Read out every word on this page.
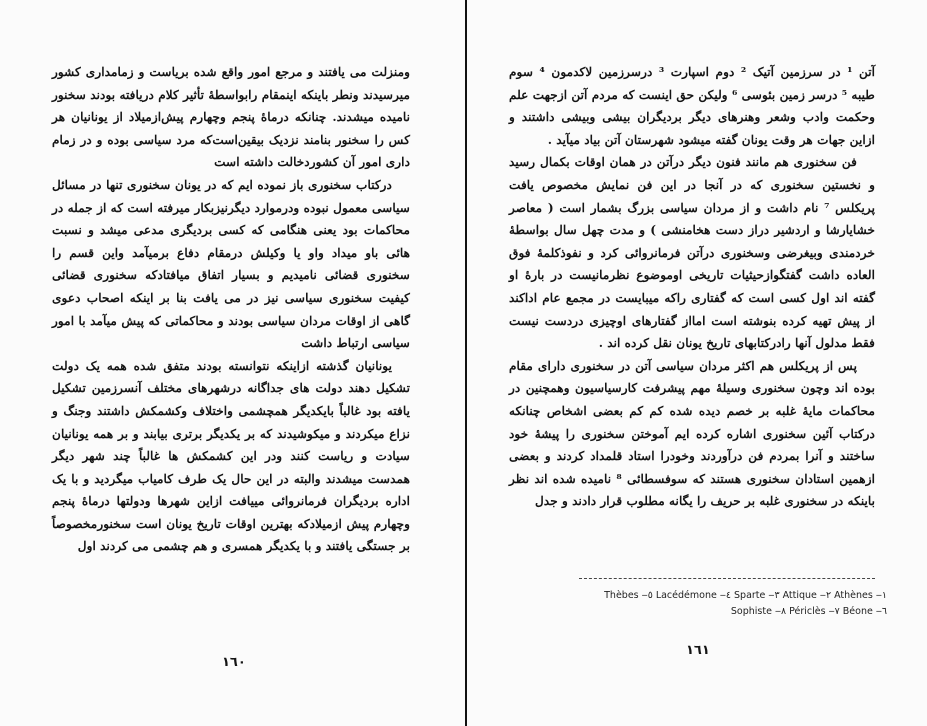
ومنزلت می یافتند و مرجع امور واقع شده بریاست و زمامداری کشور میرسیدند ونطر باینکه اینمقام رابواسطهٔ تأثیر کلام دریافته بودند سخنور نامیده میشدند. چنانکه درماهٔ پنجم وچهارم پیش‌ازمیلاد از یونانیان هر کس را سخنور بنامند نزدیک بیقین‌است‌که مرد سیاسی بوده و در زمام داری امور آن کشوردخالت داشته است

درکتاب سخنوری باز نموده ایم که در یونان سخنوری تنها در مسائل سیاسی معمول نبوده ودرموارد دیگرنیزبکار میرفته است که از جمله در محاکمات بود یعنی هنگامی که کسی بردیگری مدعی میشد و نسبت هائی باو میداد واو یا وکیلش درمقام دفاع برمیآمد واین قسم را سخنوری قضائی نامیدیم و بسیار اتفاق میافتادکه سخنوری قضائی کیفیت سخنوری سیاسی نیز در می یافت بنا بر اینکه اصحاب دعوی گاهی از اوقات مردان سیاسی بودند و محاکماتی که پیش میآمد با امور سیاسی ارتباط داشت

یونانیان گذشته ازاینکه نتوانسته بودند متفق شده همه یک دولت تشکیل دهند دولت های جداگانه درشهرهای مختلف آنسرزمین تشکیل یافته بود غالباً بایکدیگر همچشمی واختلاف وکشمکش داشتند وجنگ و نزاع میکردند و میکوشیدند که بر یکدیگر برتری بیابند و بر همه یونانیان سیادت و ریاست کنند ودر این کشمکش ها غالباً چند شهر دیگر همدست میشدند والبته در این حال یک طرف کامیاب میگردید و با یک اداره بردیگران فرمانروائی مییافت ازاین شهرها ودولتها درماهٔ پنجم وچهارم پیش ازمیلادکه بهترین اوقات تاریخ یونان است سخنورمخصوصاً بر جستگی یافتند و با یکدیگر همسری و هم چشمی می کردند اول

١٦٠

آتن ¹ در سرزمین آتیک ² دوم اسپارت ³ درسرزمین لاکدمون ⁴ سوم طیبه ⁵ درسر زمین بئوسی ⁶ ولیکن حق اینست که مردم آتن ازجهت علم وحکمت وادب وشعر وهنرهای دیگر بردیگران بیشی وبیشی داشتند و ازاین جهات هر وقت یونان گفته میشود شهرستان آتن بیاد میآید .

فن سخنوری هم مانند فنون دیگر درآتن در همان اوقات بکمال رسید و نخستین سخنوری که در آنجا در این فن نمایش مخصوص یافت پریکلس ⁷ نام داشت و از مردان سیاسی بزرگ بشمار است ( معاصر خشایارشا و اردشیر دراز دست هخامنشی ) و مدت چهل سال بواسطهٔ خردمندی وبیغرضی وسخنوری درآتن فرمانروائی کرد و نفوذکلمهٔ فوق العاده داشت گفتگوازحیثیات تاریخی اوموضوع نظرمانیست در بارهٔ او گفته اند اول کسی است که گفتاری راکه میبایست در مجمع عام اداکند از پیش تهیه کرده بنوشته است امااز گفتارهای اوچیزی دردست نیست فقط مدلول آنها رادرکتابهای تاریخ یونان نقل کرده اند .

پس از پریکلس هم اکثر مردان سیاسی آتن در سخنوری دارای مقام بوده اند وچون سخنوری وسیلهٔ مهم پیشرفت کارسیاسیون وهمچنین در محاکمات مایهٔ غلبه بر خصم دیده شده کم کم بعضی اشخاص چنانکه درکتاب آئین سخنوری اشاره کرده ایم آموختن سخنوری را پیشهٔ خود ساختند و آنرا بمردم فن درآوردند وخودرا استاد قلمداد کردند و بعضی ازهمین استادان سخنوری هستند که سوفسطائی ⁸ نامیده شده اند نظر باینکه در سخنوری غلبه بر حریف را یگانه مطلوب قرار دادند و جدل

Thèbes ‒٥ Lacédémone ‒٤ Sparte ‒٣ Attique ‒٢ Athènes ‒١
Sophiste ‒٨ Périclès ‒٧ Béone ‒٦
١٦١
